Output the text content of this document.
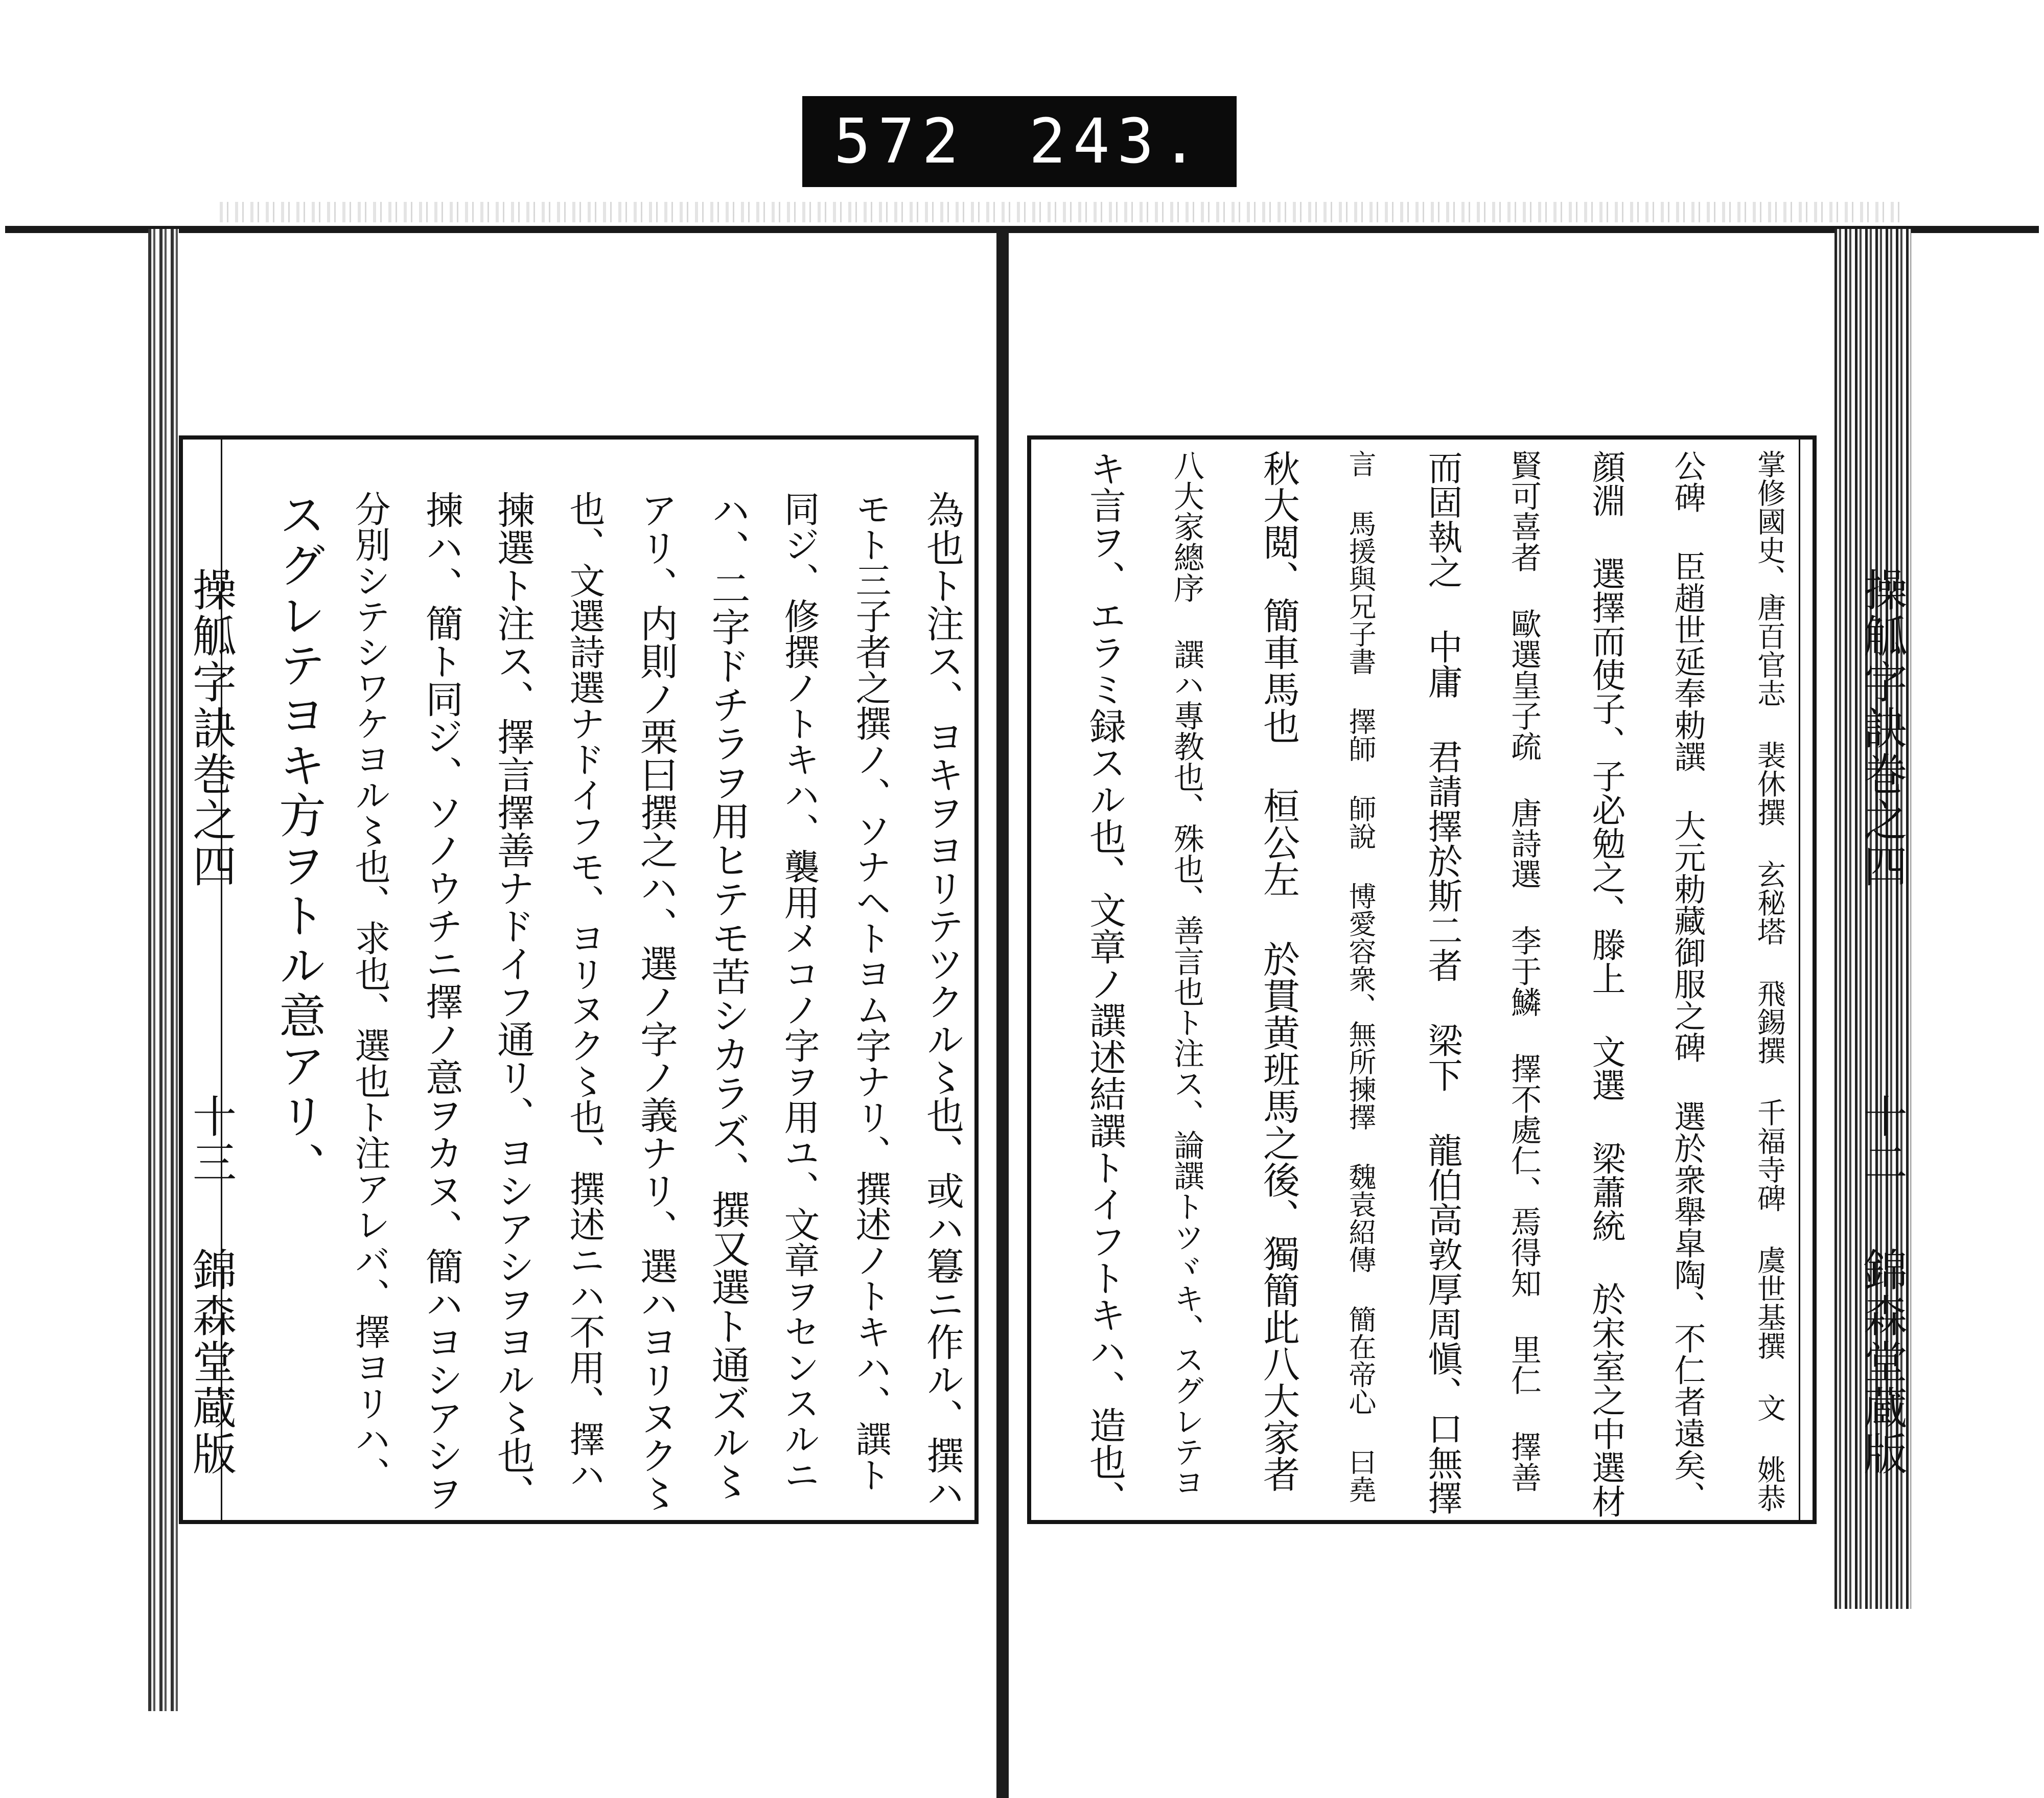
572 243.
為也ト注ス、ヨキヲヨリテツクル〻也、或ハ篹ニ作ル、撰ハ
モト三子者之撰ノ、ソナヘトヨム字ナリ、撰述ノトキハ、譔ト
同ジ、修撰ノトキハ、襲用メコノ字ヲ用ユ、文章ヲセンスルニ
ハ、二字ドチラヲ用ヒテモ苦シカラズ、撰又選ト通ズル〻
アリ、内則ノ栗曰撰之ハ、選ノ字ノ義ナリ、選ハヨリヌク〻
也、文選詩選ナドイフモ、ヨリヌク〻也、撰述ニハ不用、擇ハ
揀選ト注ス、擇言擇善ナドイフ通リ、ヨシアシヲヨル〻也、
揀ハ、簡ト同ジ、ソノウチニ擇ノ意ヲカヌ、簡ハヨシアシヲ
分別シテシワケヨル〻也、求也、選也ト注アレバ、擇ヨリハ、
スグレテヨキ方ヲトル意アリ、
操觚字訣巻之四
十三
錦森堂蔵版	掌修國史、唐百官志 裴休撰 玄秘塔 飛錫撰 千福寺碑 虞世基撰 文 姚恭
公碑 臣趙世延奉勅譔 大元勅藏御服之碑 選於衆舉皐陶、不仁者遠矣、
顔淵 選擇而使子、子必勉之、滕上 文選 梁蕭統 於宋室之中選材
賢可喜者 歐選皇子疏 唐詩選 李于鱗 擇不處仁、焉得知 里仁 擇善
而固執之 中庸 君請擇於斯二者 梁下 龍伯高敦厚周愼、口無擇
言 馬援與兄子書 擇師 師說 博愛容衆、無所揀擇 魏袁紹傳 簡在帝心 曰堯
秋大閲、簡車馬也 桓公左 於貫黄班馬之後、獨簡此八大家者
八大家總序 譔ハ專教也、殊也、善言也ト注ス、論譔トツヾキ、スグレテヨ
キ言ヲ、エラミ録スル也、文章ノ譔述結譔トイフトキハ、造也、	操觚字訣巻之四
十二
錦森堂蔵版
